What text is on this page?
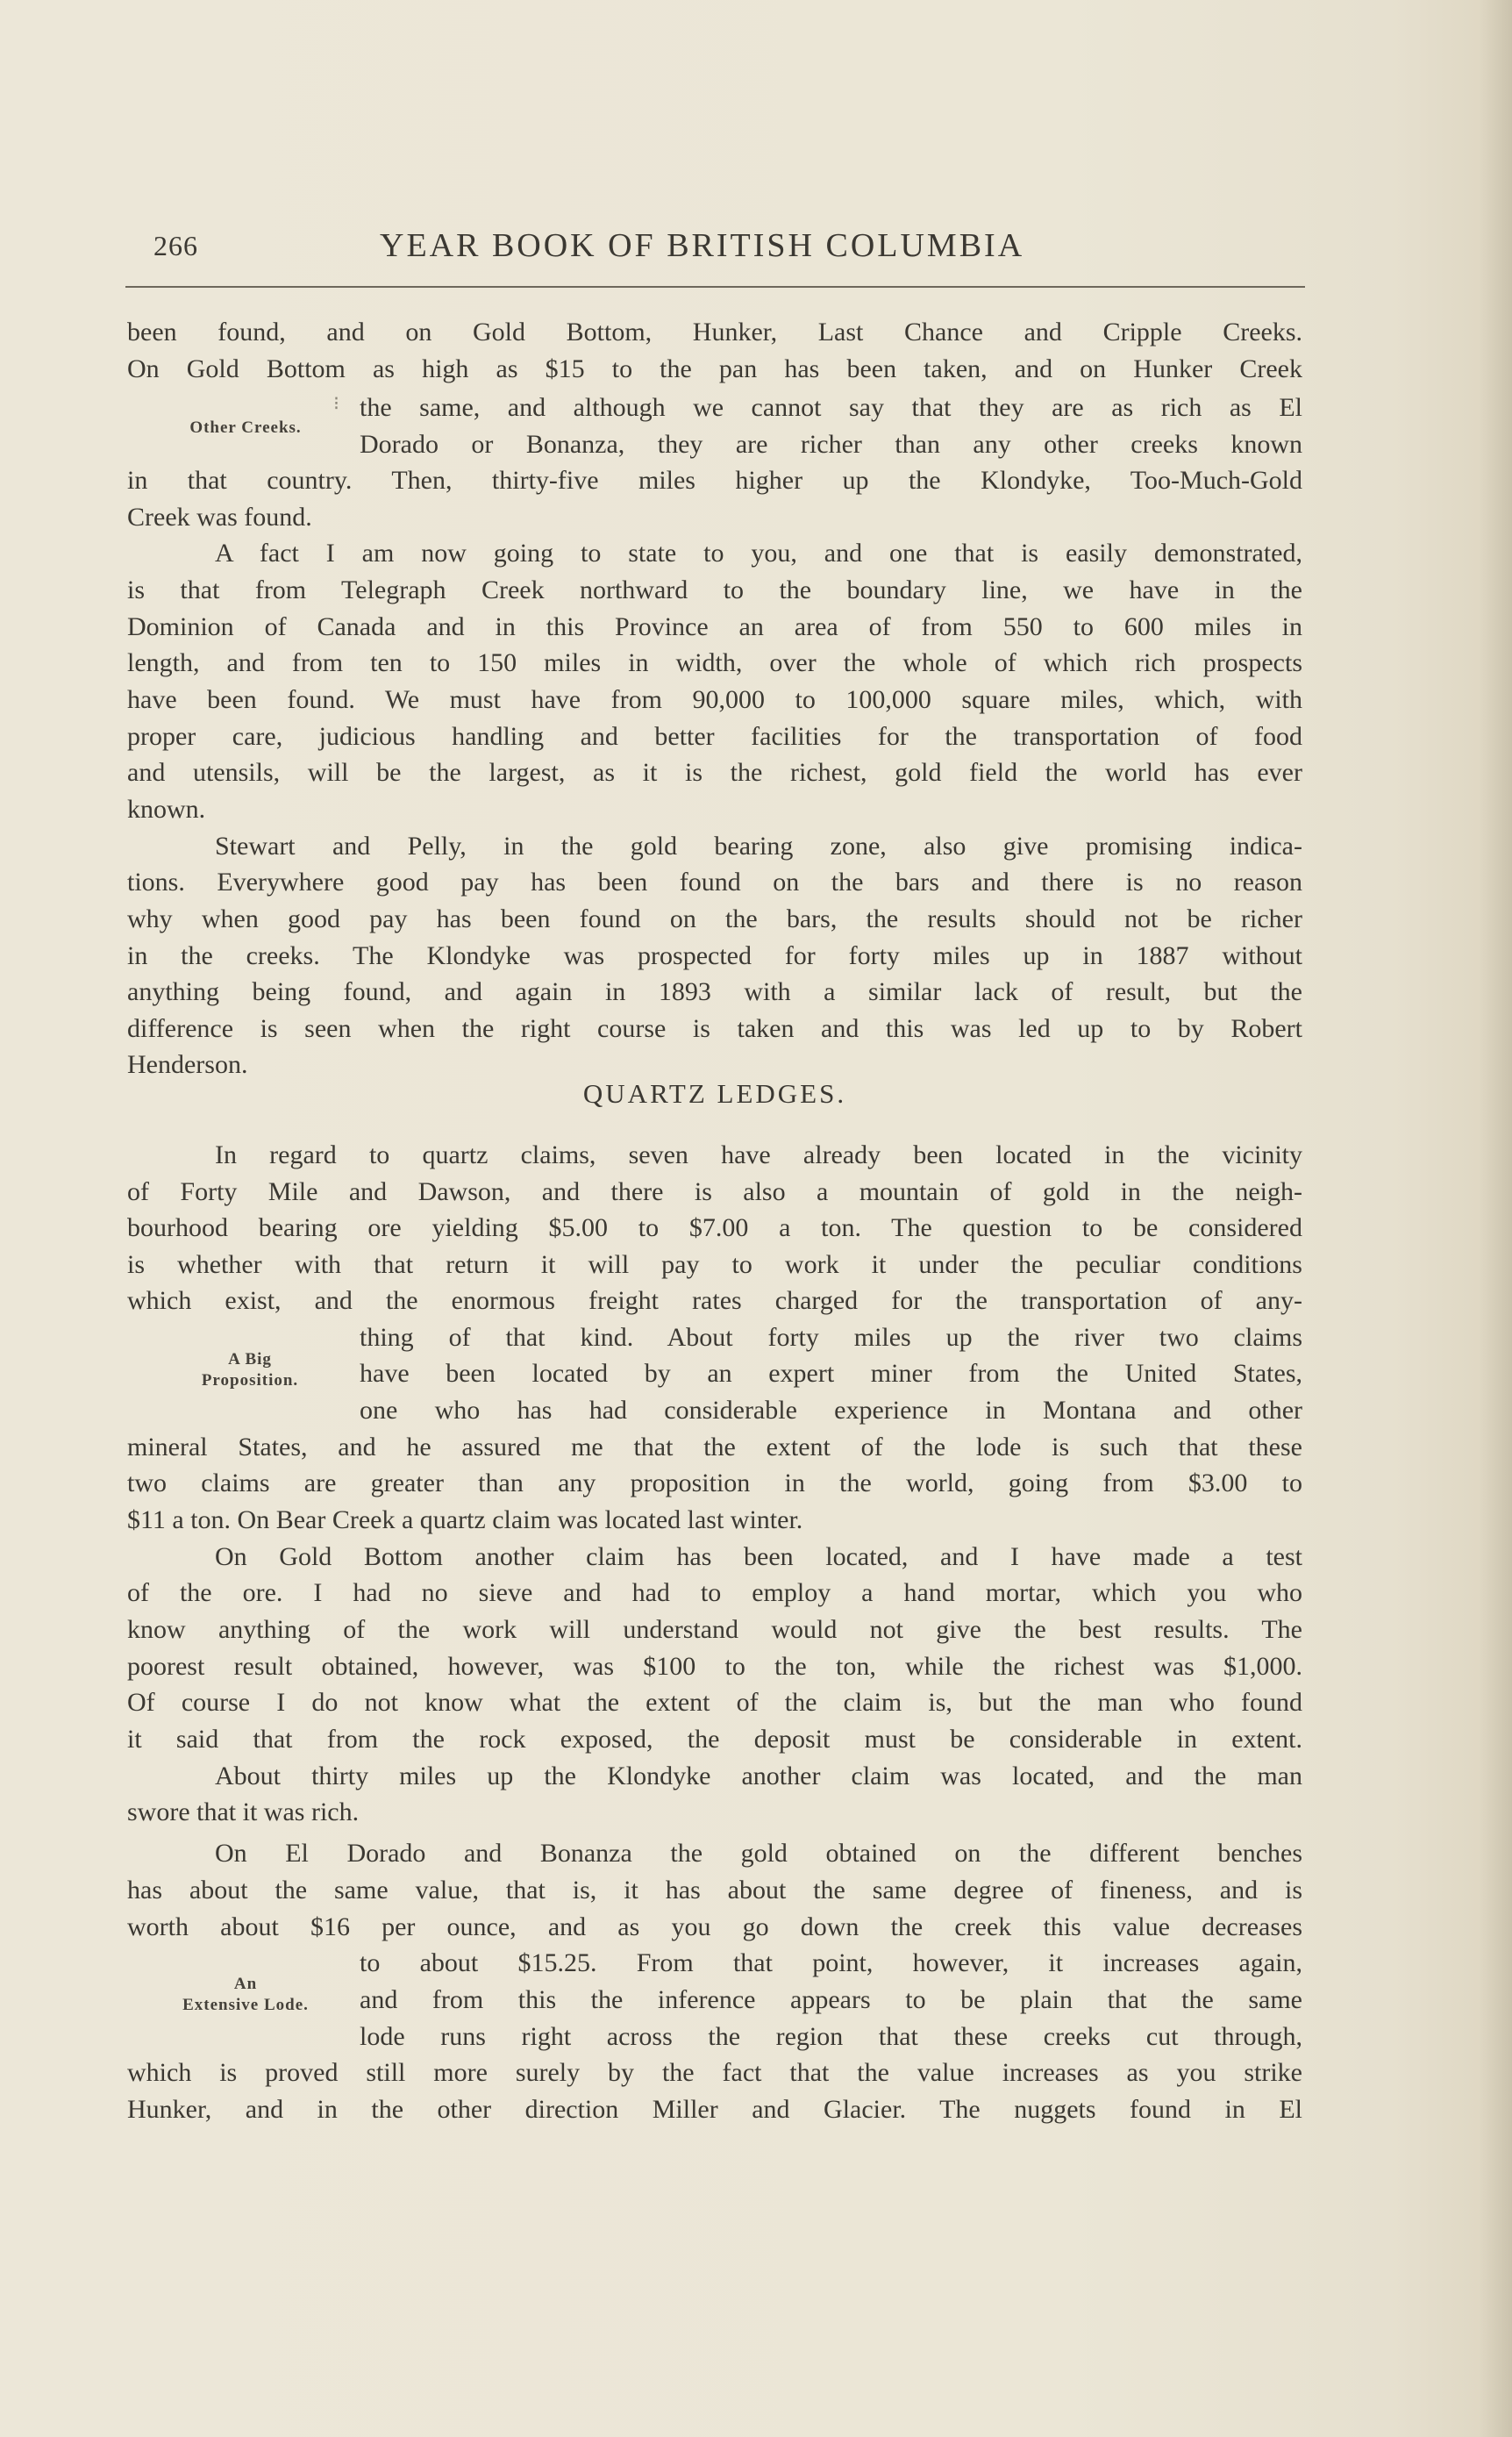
266	YEAR BOOK OF BRITISH COLUMBIA
been found, and on Gold Bottom, Hunker, Last Chance and Cripple Creeks.
On Gold Bottom as high as $15 to the pan has been taken, and on Hunker Creek
Other Creeks.
⁝ the same, and although we cannot say that they are as rich as El
Dorado or Bonanza, they are richer than any other creeks known
in that country. Then, thirty-five miles higher up the Klondyke, Too-Much-Gold
Creek was found.
A fact I am now going to state to you, and one that is easily demonstrated,
is that from Telegraph Creek northward to the boundary line, we have in the
Dominion of Canada and in this Province an area of from 550 to 600 miles in
length, and from ten to 150 miles in width, over the whole of which rich prospects
have been found. We must have from 90,000 to 100,000 square miles, which, with
proper care, judicious handling and better facilities for the transportation of food
and utensils, will be the largest, as it is the richest, gold field the world has ever
known.
Stewart and Pelly, in the gold bearing zone, also give promising indica-
tions. Everywhere good pay has been found on the bars and there is no reason
why when good pay has been found on the bars, the results should not be richer
in the creeks. The Klondyke was prospected for forty miles up in 1887 without
anything being found, and again in 1893 with a similar lack of result, but the
difference is seen when the right course is taken and this was led up to by Robert
Henderson.
QUARTZ LEDGES.
In regard to quartz claims, seven have already been located in the vicinity
of Forty Mile and Dawson, and there is also a mountain of gold in the neigh-
bourhood bearing ore yielding $5.00 to $7.00 a ton. The question to be considered
is whether with that return it will pay to work it under the peculiar conditions
which exist, and the enormous freight rates charged for the transportation of any-
A Big
Proposition.
thing of that kind. About forty miles up the river two claims
have been located by an expert miner from the United States,
one who has had considerable experience in Montana and other
mineral States, and he assured me that the extent of the lode is such that these
two claims are greater than any proposition in the world, going from $3.00 to
$11 a ton. On Bear Creek a quartz claim was located last winter.
On Gold Bottom another claim has been located, and I have made a test
of the ore. I had no sieve and had to employ a hand mortar, which you who
know anything of the work will understand would not give the best results. The
poorest result obtained, however, was $100 to the ton, while the richest was $1,000.
Of course I do not know what the extent of the claim is, but the man who found
it said that from the rock exposed, the deposit must be considerable in extent.
About thirty miles up the Klondyke another claim was located, and the man
swore that it was rich.
On El Dorado and Bonanza the gold obtained on the different benches
has about the same value, that is, it has about the same degree of fineness, and is
worth about $16 per ounce, and as you go down the creek this value decreases
An
Extensive Lode.
to about $15.25. From that point, however, it increases again,
and from this the inference appears to be plain that the same
lode runs right across the region that these creeks cut through,
which is proved still more surely by the fact that the value increases as you strike
Hunker, and in the other direction Miller and Glacier. The nuggets found in El
